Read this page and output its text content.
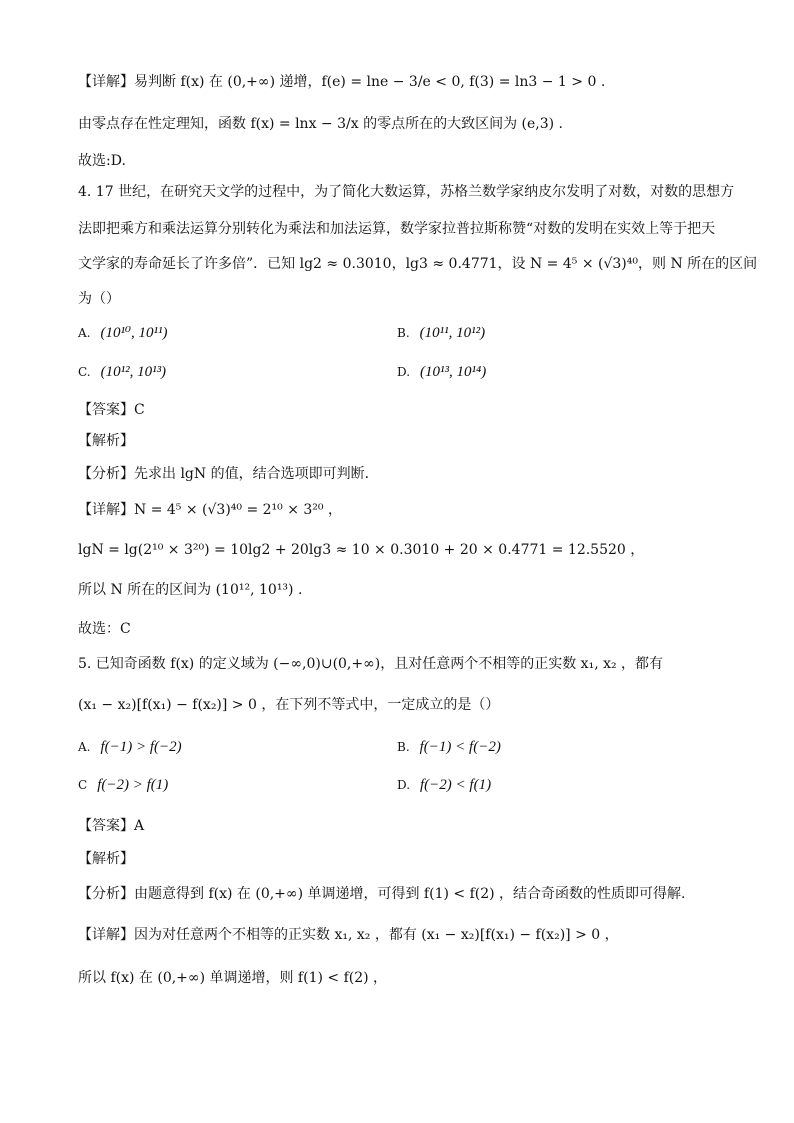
【详解】易判断 f(x) 在 (0,+∞) 递增，f(e) = lne − 3/e < 0, f(3) = ln3 − 1 > 0 .
由零点存在性定理知，函数 f(x) = lnx − 3/x 的零点所在的大致区间为 (e,3) .
故选:D.
4. 17 世纪，在研究天文学的过程中，为了简化大数运算，苏格兰数学家纳皮尔发明了对数，对数的思想方
法即把乘方和乘法运算分别转化为乘法和加法运算，数学家拉普拉斯称赞“对数的发明在实效上等于把天
文学家的寿命延长了许多倍”．已知 lg2 ≈ 0.3010，lg3 ≈ 0.4771，设 N = 4⁵ × (√3)⁴⁰，则 N 所在的区间
为（）
A. (10¹⁰, 10¹¹)	B. (10¹¹, 10¹²)
C. (10¹², 10¹³)	D. (10¹³, 10¹⁴)
【答案】C
【解析】
【分析】先求出 lgN 的值，结合选项即可判断．
【详解】N = 4⁵ × (√3)⁴⁰ = 2¹⁰ × 3²⁰ ，
lgN = lg(2¹⁰ × 3²⁰) = 10lg2 + 20lg3 ≈ 10 × 0.3010 + 20 × 0.4771 = 12.5520 ，
所以 N 所在的区间为 (10¹², 10¹³) .
故选：C
5. 已知奇函数 f(x) 的定义域为 (−∞,0)∪(0,+∞)，且对任意两个不相等的正实数 x₁, x₂ ，都有
(x₁ − x₂)[f(x₁) − f(x₂)] > 0 ，在下列不等式中，一定成立的是（）
A. f(−1) > f(−2)	B. f(−1) < f(−2)
C f(−2) > f(1)	D. f(−2) < f(1)
【答案】A
【解析】
【分析】由题意得到 f(x) 在 (0,+∞) 单调递增，可得到 f(1) < f(2) ，结合奇函数的性质即可得解.
【详解】因为对任意两个不相等的正实数 x₁, x₂ ，都有 (x₁ − x₂)[f(x₁) − f(x₂)] > 0 ，
所以 f(x) 在 (0,+∞) 单调递增，则 f(1) < f(2) ，
